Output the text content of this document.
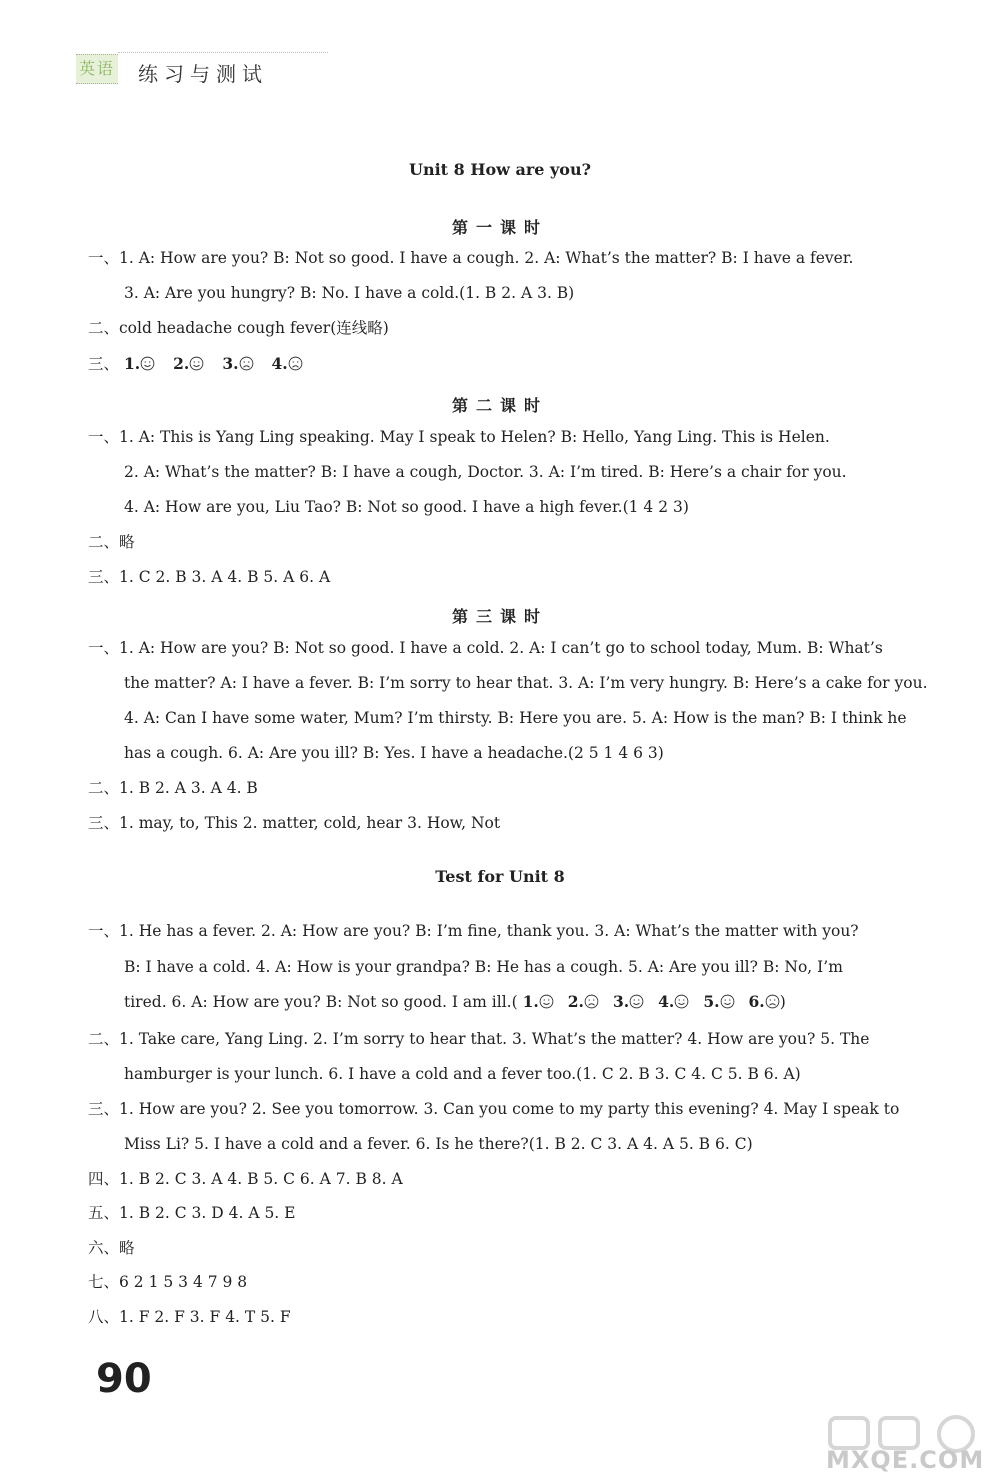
英语 练习与测试
Unit 8 How are you?
第一课时
一、1. A: How are you? B: Not so good. I have a cough. 2. A: What’s the matter? B: I have a fever.
3. A: Are you hungry? B: No. I have a cold.(1. B 2. A 3. B)
二、cold headache cough fever(连线略)
三、 1. 2. 3. 4.
第二课时
一、1. A: This is Yang Ling speaking. May I speak to Helen? B: Hello, Yang Ling. This is Helen.
2. A: What’s the matter? B: I have a cough, Doctor. 3. A: I’m tired. B: Here’s a chair for you.
4. A: How are you, Liu Tao? B: Not so good. I have a high fever.(1 4 2 3)
二、略
三、1. C 2. B 3. A 4. B 5. A 6. A
第三课时
一、1. A: How are you? B: Not so good. I have a cold. 2. A: I can’t go to school today, Mum. B: What’s
the matter? A: I have a fever. B: I’m sorry to hear that. 3. A: I’m very hungry. B: Here’s a cake for you.
4. A: Can I have some water, Mum? I’m thirsty. B: Here you are. 5. A: How is the man? B: I think he
has a cough. 6. A: Are you ill? B: Yes. I have a headache.(2 5 1 4 6 3)
二、1. B 2. A 3. A 4. B
三、1. may, to, This 2. matter, cold, hear 3. How, Not
Test for Unit 8
一、1. He has a fever. 2. A: How are you? B: I’m fine, thank you. 3. A: What’s the matter with you?
B: I have a cold. 4. A: How is your grandpa? B: He has a cough. 5. A: Are you ill? B: No, I’m
tired. 6. A: How are you? B: Not so good. I am ill.( 1. 2. 3. 4. 5. 6. )
二、1. Take care, Yang Ling. 2. I’m sorry to hear that. 3. What’s the matter? 4. How are you? 5. The
hamburger is your lunch. 6. I have a cold and a fever too.(1. C 2. B 3. C 4. C 5. B 6. A)
三、1. How are you? 2. See you tomorrow. 3. Can you come to my party this evening? 4. May I speak to
Miss Li? 5. I have a cold and a fever. 6. Is he there?(1. B 2. C 3. A 4. A 5. B 6. C)
四、1. B 2. C 3. A 4. B 5. C 6. A 7. B 8. A
五、1. B 2. C 3. D 4. A 5. E
六、略
七、6 2 1 5 3 4 7 9 8
八、1. F 2. F 3. F 4. T 5. F
90
MXQE.COM
